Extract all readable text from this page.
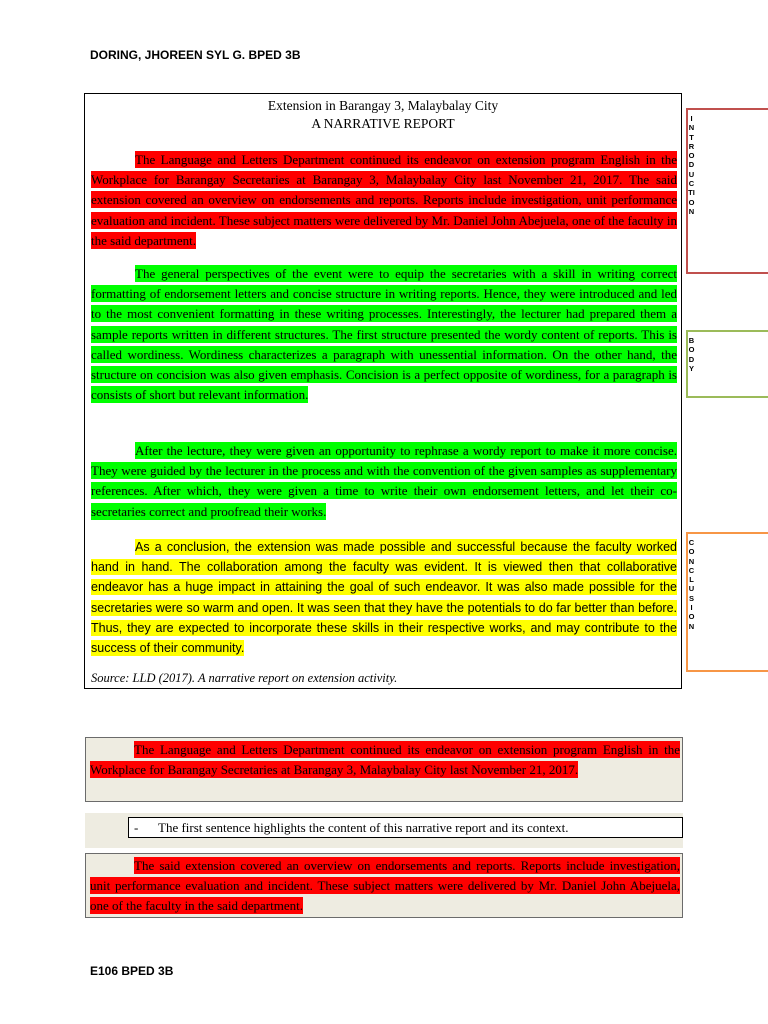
DORING, JHOREEN SYL G. BPED 3B
Extension in Barangay 3, Malaybalay City
A NARRATIVE REPORT

The Language and Letters Department continued its endeavor on extension program English in the Workplace for Barangay Secretaries at Barangay 3, Malaybalay City last November 21, 2017. The said extension covered an overview on endorsements and reports. Reports include investigation, unit performance evaluation and incident. These subject matters were delivered by Mr. Daniel John Abejuela, one of the faculty in the said department.

The general perspectives of the event were to equip the secretaries with a skill in writing correct formatting of endorsement letters and concise structure in writing reports. Hence, they were introduced and led to the most convenient formatting in these writing processes. Interestingly, the lecturer had prepared them a sample reports written in different structures. The first structure presented the wordy content of reports. This is called wordiness. Wordiness characterizes a paragraph with unessential information. On the other hand, the structure on concision was also given emphasis. Concision is a perfect opposite of wordiness, for a paragraph is consists of short but relevant information.

After the lecture, they were given an opportunity to rephrase a wordy report to make it more concise. They were guided by the lecturer in the process and with the convention of the given samples as supplementary references. After which, they were given a time to write their own endorsement letters, and let their co-secretaries correct and proofread their works.

As a conclusion, the extension was made possible and successful because the faculty worked hand in hand. The collaboration among the faculty was evident. It is viewed then that collaborative endeavor has a huge impact in attaining the goal of such endeavor. It was also made possible for the secretaries were so warm and open. It was seen that they have the potentials to do far better than before. Thus, they are expected to incorporate these skills in their respective works, and may contribute to the success of their community.

Source: LLD (2017). A narrative report on extension activity.
INTRODUCTION
BODY
CONCLUSION

The Language and Letters Department continued its endeavor on extension program English in the Workplace for Barangay Secretaries at Barangay 3, Malaybalay City last November 21, 2017.

- The first sentence highlights the content of this narrative report and its context.

The said extension covered an overview on endorsements and reports. Reports include investigation, unit performance evaluation and incident. These subject matters were delivered by Mr. Daniel John Abejuela, one of the faculty in the said department.

E106 BPED 3B
